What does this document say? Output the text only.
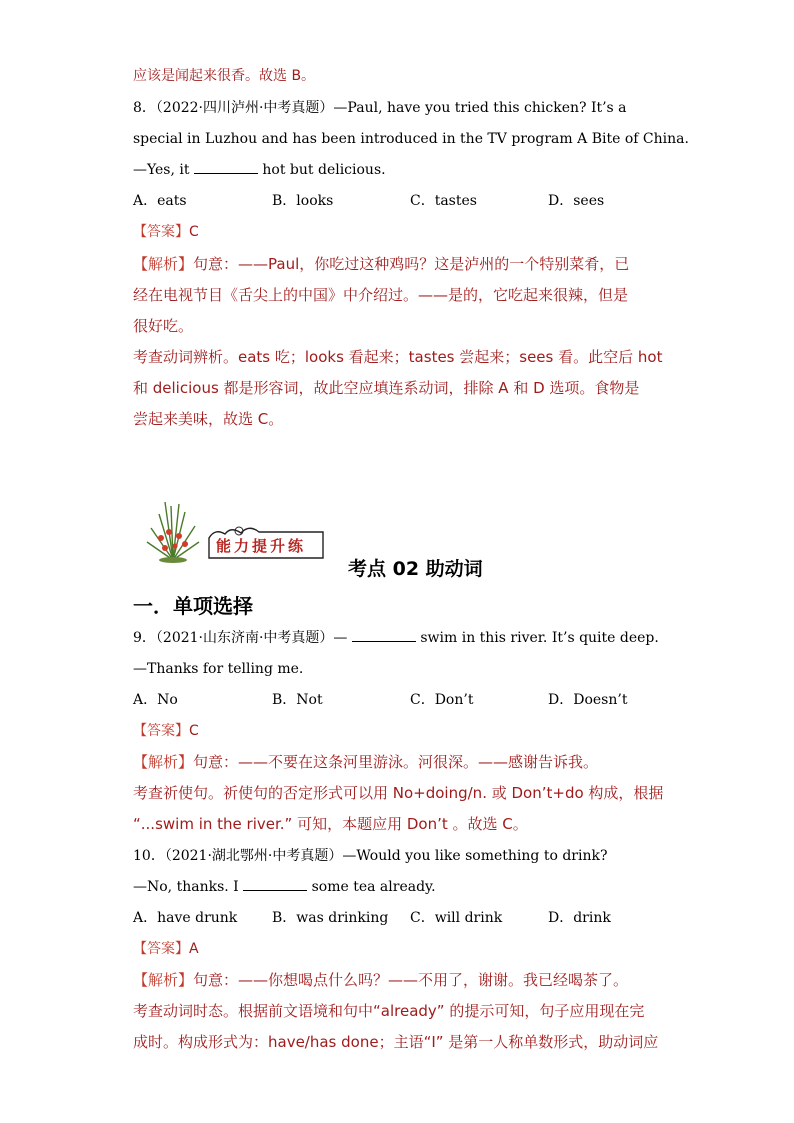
应该是闻起来很香。故选 B。
8．（2022·四川泸州·中考真题）—Paul, have you tried this chicken? It’s a
special in Luzhou and has been introduced in the TV program A Bite of China.
—Yes, it	hot but delicious.
A．eats	B．looks	C．tastes	D．sees
【答案】C
【解析】句意：——Paul，你吃过这种鸡吗？这是泸州的一个特别菜肴，已
经在电视节目《舌尖上的中国》中介绍过。——是的，它吃起来很辣，但是
很好吃。
考查动词辨析。eats 吃；looks 看起来；tastes 尝起来；sees 看。此空后 hot
和 delicious 都是形容词，故此空应填连系动词，排除 A 和 D 选项。食物是
尝起来美味，故选 C。
能力提升练
考点 02 助动词
一．单项选择
9．（2021·山东济南·中考真题）—	swim in this river. It’s quite deep.
—Thanks for telling me.
A．No	B．Not	C．Don’t	D．Doesn’t
【答案】C
【解析】句意：——不要在这条河里游泳。河很深。——感谢告诉我。
考查祈使句。祈使句的否定形式可以用 No+doing/n. 或 Don’t+do 构成，根据
“...swim in the river.” 可知，本题应用 Don’t 。故选 C。
10．（2021·湖北鄂州·中考真题）—Would you like something to drink?
—No, thanks. I	some tea already.
A．have drunk B．was drinking C．will drink	D．drink
【答案】A
【解析】句意：——你想喝点什么吗？——不用了，谢谢。我已经喝茶了。
考查动词时态。根据前文语境和句中“already” 的提示可知，句子应用现在完
成时。构成形式为：have/has done；主语“I” 是第一人称单数形式，助动词应
